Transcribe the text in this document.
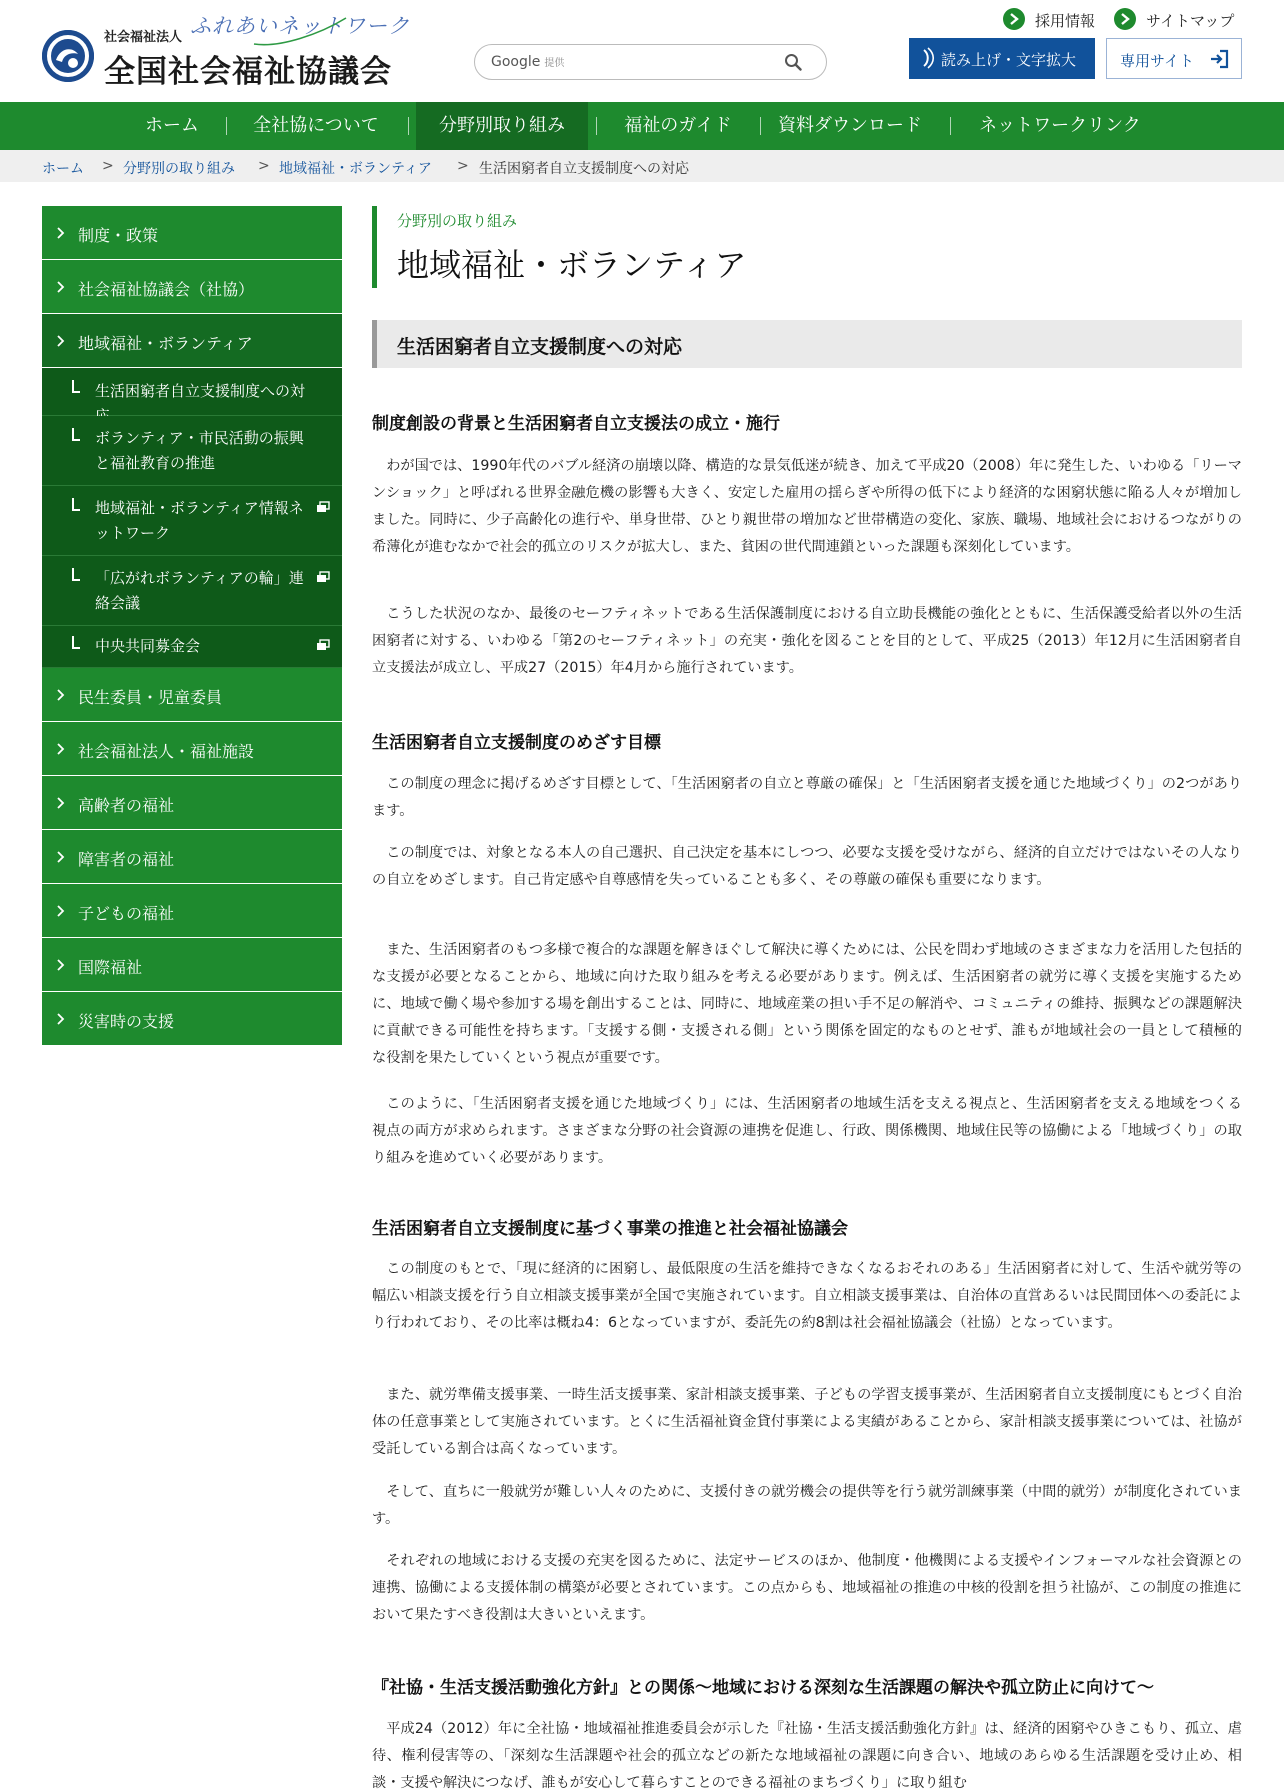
社会福祉法人 ふれあいネットワーク
全国社会福祉協議会	Google 提供
採用情報	サイトマップ
読み上げ・文字拡大	専用サイト
ホーム	全社協について	分野別取り組み	福祉のガイド	資料ダウンロード	ネットワークリンク
ホーム > 分野別の取り組み > 地域福祉・ボランティア > 生活困窮者自立支援制度への対応
制度・政策
社会福祉協議会（社協）
地域福祉・ボランティア
生活困窮者自立支援制度への対
ボランティア・市民活動の振興と福祉教育の推進
地域福祉・ボランティア情報ネットワーク
「広がれボランティアの輪」連絡会議
中央共同募金会
民生委員・児童委員
社会福祉法人・福祉施設
高齢者の福祉
障害者の福祉
子どもの福祉
国際福祉
災害時の支援
分野別の取り組み
地域福祉・ボランティア
生活困窮者自立支援制度への対応
制度創設の背景と生活困窮者自立支援法の成立・施行
わが国では、1990年代のバブル経済の崩壊以降、構造的な景気低迷が続き、加えて平成20（2008）年に発生した、いわゆる「リーマンショック」と呼ばれる世界金融危機の影響も大きく、安定した雇用の揺らぎや所得の低下により経済的な困窮状態に陥る人々が増加しました。同時に、少子高齢化の進行や、単身世帯、ひとり親世帯の増加など世帯構造の変化、家族、職場、地域社会におけるつながりの希薄化が進むなかで社会的孤立のリスクが拡大し、また、貧困の世代間連鎖といった課題も深刻化しています。
こうした状況のなか、最後のセーフティネットである生活保護制度における自立助長機能の強化とともに、生活保護受給者以外の生活困窮者に対する、いわゆる「第2のセーフティネット」の充実・強化を図ることを目的として、平成25（2013）年12月に生活困窮者自立支援法が成立し、平成27（2015）年4月から施行されています。
生活困窮者自立支援制度のめざす目標
この制度の理念に掲げるめざす目標として、「生活困窮者の自立と尊厳の確保」と「生活困窮者支援を通じた地域づくり」の2つがあります。
この制度では、対象となる本人の自己選択、自己決定を基本にしつつ、必要な支援を受けながら、経済的自立だけではないその人なりの自立をめざします。自己肯定感や自尊感情を失っていることも多く、その尊厳の確保も重要になります。
また、生活困窮者のもつ多様で複合的な課題を解きほぐして解決に導くためには、公民を問わず地域のさまざまな力を活用した包括的な支援が必要となることから、地域に向けた取り組みを考える必要があります。例えば、生活困窮者の就労に導く支援を実施するために、地域で働く場や参加する場を創出することは、同時に、地域産業の担い手不足の解消や、コミュニティの維持、振興などの課題解決に貢献できる可能性を持ちます。「支援する側・支援される側」という関係を固定的なものとせず、誰もが地域社会の一員として積極的な役割を果たしていくという視点が重要です。
このように、「生活困窮者支援を通じた地域づくり」には、生活困窮者の地域生活を支える視点と、生活困窮者を支える地域をつくる視点の両方が求められます。さまざまな分野の社会資源の連携を促進し、行政、関係機関、地域住民等の協働による「地域づくり」の取り組みを進めていく必要があります。
生活困窮者自立支援制度に基づく事業の推進と社会福祉協議会
この制度のもとで、「現に経済的に困窮し、最低限度の生活を維持できなくなるおそれのある」生活困窮者に対して、生活や就労等の幅広い相談支援を行う自立相談支援事業が全国で実施されています。自立相談支援事業は、自治体の直営あるいは民間団体への委託により行われており、その比率は概ね4：6となっていますが、委託先の約8割は社会福祉協議会（社協）となっています。
また、就労準備支援事業、一時生活支援事業、家計相談支援事業、子どもの学習支援事業が、生活困窮者自立支援制度にもとづく自治体の任意事業として実施されています。とくに生活福祉資金貸付事業による実績があることから、家計相談支援事業については、社協が受託している割合は高くなっています。
そして、直ちに一般就労が難しい人々のために、支援付きの就労機会の提供等を行う就労訓練事業（中間的就労）が制度化されています。
それぞれの地域における支援の充実を図るために、法定サービスのほか、他制度・他機関による支援やインフォーマルな社会資源との連携、協働による支援体制の構築が必要とされています。この点からも、地域福祉の推進の中核的役割を担う社協が、この制度の推進において果たすべき役割は大きいといえます。
『社協・生活支援活動強化方針』との関係〜地域における深刻な生活課題の解決や孤立防止に向けて〜
平成24（2012）年に全社協・地域福祉推進委員会が示した『社協・生活支援活動強化方針』は、経済的困窮やひきこもり、孤立、虐待、権利侵害等の、「深刻な生活課題や社会的孤立などの新たな地域福祉の課題に向き合い、地域のあらゆる生活課題を受け止め、相談・支援や解決につなげ、誰もが安心して暮らすことのできる福祉のまちづくり」に取り組む
